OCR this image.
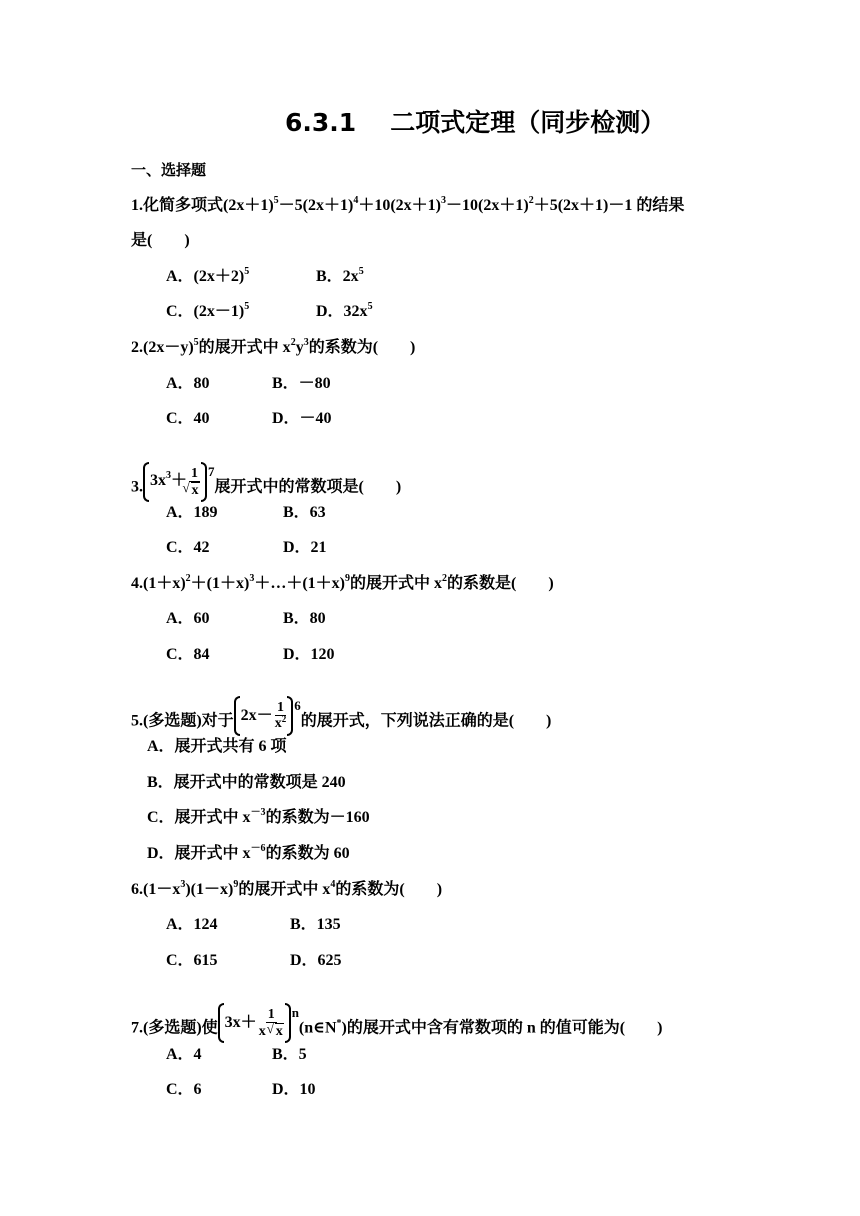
6.3.1 二项式定理（同步检测）
一、选择题
1.化简多项式$(2x+1)^5-5(2x+1)^4+10(2x+1)^3-10(2x+1)^2+5(2x+1)-1$ 的结果
是(　　)
A．$(2x+2)^5$	B．$2x^5$
C．$(2x-1)^5$	D．$32x^5$
$2.(2x-y)^5$的展开式中 $x^2y^3$的系数为(　　)
A．80	B．－80
C．40	D．－40
3. $3x^3+ 1$
√ x 7
展开式中的常数项是(　　)
A．189	B．63
C．42	D．21
$4.(1+x)^2+(1+x)^3+\dots+(1+x)^9$的展开式中 $x^2$的系数是(　　)
A．60	B．80
C．84	D．120
5.(多选题)对于 $2x- \frac{1}{x^2} 6$
的展开式，下列说法正确的是(　　)
A．展开式共有 6 项
B．展开式中的常数项是 240
C．展开式中 $x^{-3}$的系数为－160
D．展开式中 $x^{-6}$的系数为 60
$6.(1-x^3)(1-x)^9$的展开式中 $x^4$的系数为(　　)
A．124	B．135
C．615	D．625
7.(多选题)使 $3x+ \frac{1}{x√ x}$ n
(n∈N*)的展开式中含有常数项的 n 的值可能为(　　)
A．4	B．5
C．6	D．10
